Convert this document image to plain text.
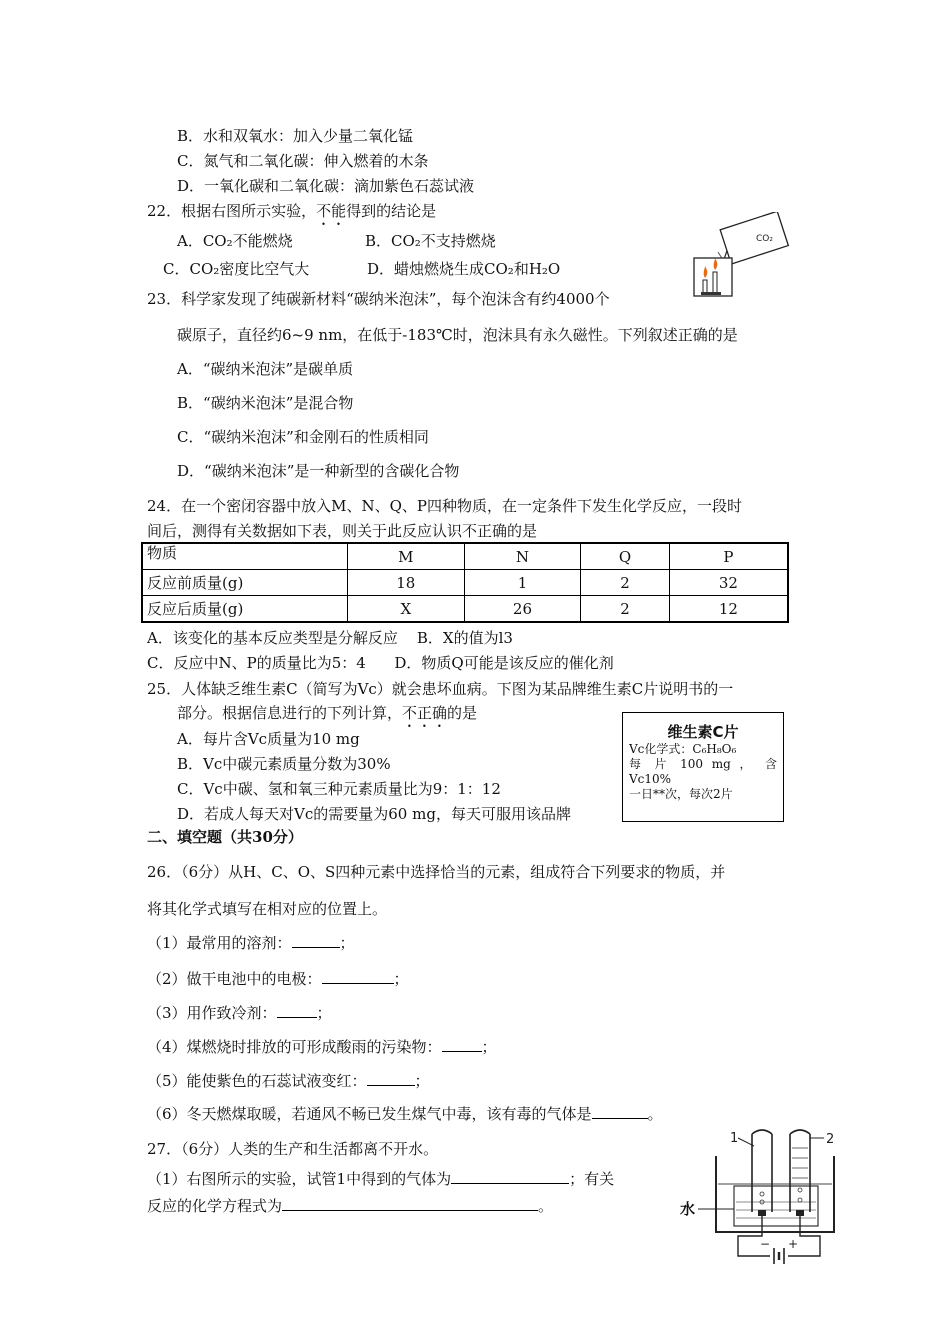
B．水和双氧水：加入少量二氧化锰
C．氮气和二氧化碳：伸入燃着的木条
D．一氧化碳和二氧化碳：滴加紫色石蕊试液
22．根据右图所示实验，不能得到的结论是
A．CO₂不能燃烧	B．CO₂不支持燃烧
C．CO₂密度比空气大	D．蜡烛燃烧生成CO₂和H₂O
CO₂
23．科学家发现了纯碳新材料“碳纳米泡沫”，每个泡沫含有约4000个
碳原子，直径约6~9 nm，在低于-183℃时，泡沫具有永久磁性。下列叙述正确的是
A．“碳纳米泡沫”是碳单质
B．“碳纳米泡沫”是混合物
C．“碳纳米泡沫”和金刚石的性质相同
D．“碳纳米泡沫”是一种新型的含碳化合物
24．在一个密闭容器中放入M、N、Q、P四种物质，在一定条件下发生化学反应，一段时
间后，测得有关数据如下表，则关于此反应认识不正确的是
物质	M	N	Q	P
反应前质量(g)	18	1	2	32
反应后质量(g)	X	26	2	12
A．该变化的基本反应类型是分解反应    B．X的值为l3
C．反应中N、P的质量比为5：4      D．物质Q可能是该反应的催化剂
25．人体缺乏维生素C（简写为Vc）就会患坏血病。下图为某品牌维生素C片说明书的一
部分。根据信息进行的下列计算，不正确的是
A．每片含Vc质量为10 mg
B．Vc中碳元素质量分数为30%
C．Vc中碳、氢和氧三种元素质量比为9：1：12
D．若成人每天对Vc的需要量为60 mg，每天可服用该品牌
维生素C片
Vc化学式：C₆H₈O₆
每 片 100 mg ， 含
Vc10%
一日**次，每次2片
二、填空题（共30分）
26．（6分）从H、C、O、S四种元素中选择恰当的元素，组成符合下列要求的物质，并
将其化学式填写在相对应的位置上。
（1）最常用的溶剂：	；
（2）做干电池中的电极：	；
（3）用作致冷剂：	；
（4）煤燃烧时排放的可形成酸雨的污染物：	；
（5）能使紫色的石蕊试液变红：	；
（6）冬天燃煤取暖，若通风不畅已发生煤气中毒，该有毒的气体是	。
27．（6分）人类的生产和生活都离不开水。
（1）右图所示的实验，试管1中得到的气体为	；有关
反应的化学方程式为	。
1	2
水
− +
